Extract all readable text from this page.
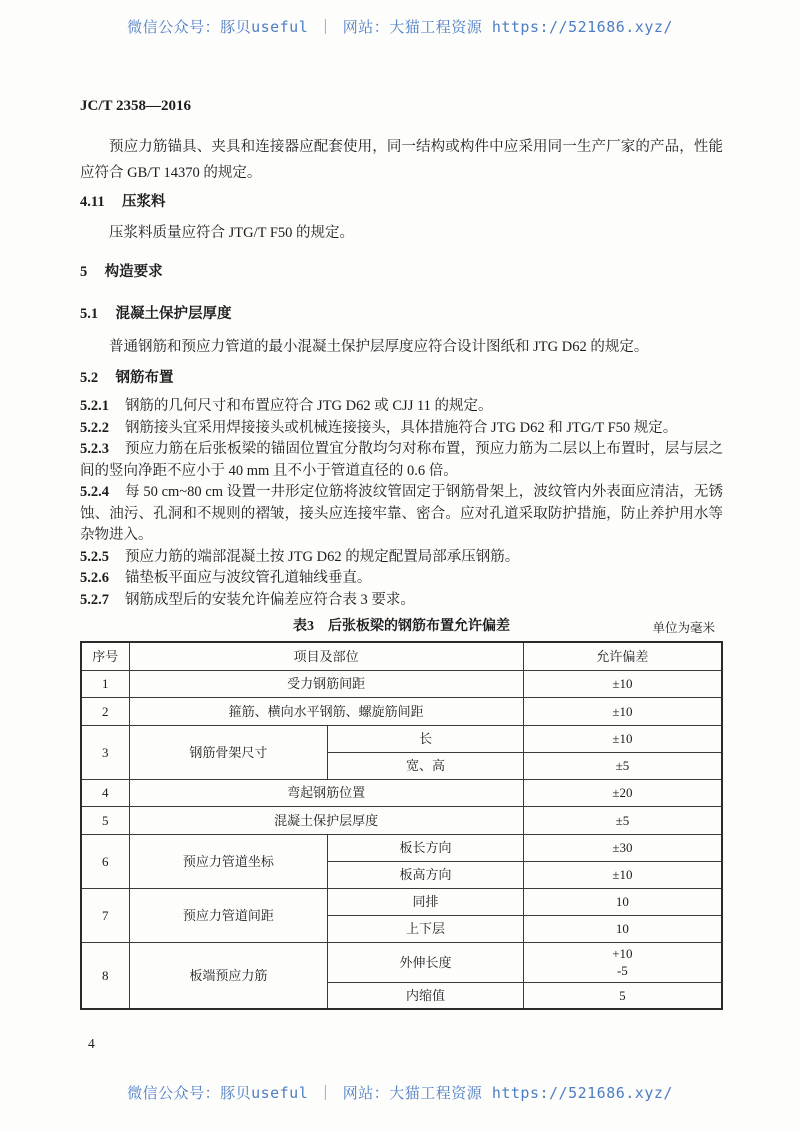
微信公众号：豚贝useful ｜ 网站：大猫工程资源 https://521686.xyz/
JC/T 2358—2016

预应力筋锚具、夹具和连接器应配套使用，同一结构或构件中应采用同一生产厂家的产品，性能应符合 GB/T 14370 的规定。

4.11 压浆料

压浆料质量应符合 JTG/T F50 的规定。

5 构造要求
5.1 混凝土保护层厚度

普通钢筋和预应力管道的最小混凝土保护层厚度应符合设计图纸和 JTG D62 的规定。

5.2 钢筋布置

5.2.1 钢筋的几何尺寸和布置应符合 JTG D62 或 CJJ 11 的规定。

5.2.2 钢筋接头宜采用焊接接头或机械连接接头，具体措施符合 JTG D62 和 JTG/T F50 规定。

5.2.3 预应力筋在后张板梁的锚固位置宜分散均匀对称布置，预应力筋为二层以上布置时，层与层之间的竖向净距不应小于 40 mm 且不小于管道直径的 0.6 倍。

5.2.4 每 50 cm~80 cm 设置一井形定位筋将波纹管固定于钢筋骨架上，波纹管内外表面应清洁，无锈蚀、油污、孔洞和不规则的褶皱，接头应连接牢靠、密合。应对孔道采取防护措施，防止养护用水等杂物进入。

5.2.5 预应力筋的端部混凝土按 JTG D62 的规定配置局部承压钢筋。

5.2.6 锚垫板平面应与波纹管孔道轴线垂直。

5.2.7 钢筋成型后的安装允许偏差应符合表 3 要求。

表3　后张板梁的钢筋布置允许偏差	单位为毫米
序号	项目及部位		允许偏差
1	受力钢筋间距		±10
2	箍筋、横向水平钢筋、螺旋筋间距		±10
3	钢筋骨架尺寸	长	±10
		宽、高	±5
4	弯起钢筋位置		±20
5	混凝土保护层厚度		±5
6	预应力管道坐标	板长方向	±30
		板高方向	±10
7	预应力管道间距	同排	10
		上下层	10
8	板端预应力筋	外伸长度	+10
-5

		内缩值	5
4
微信公众号：豚贝useful ｜ 网站：大猫工程资源 https://521686.xyz/
